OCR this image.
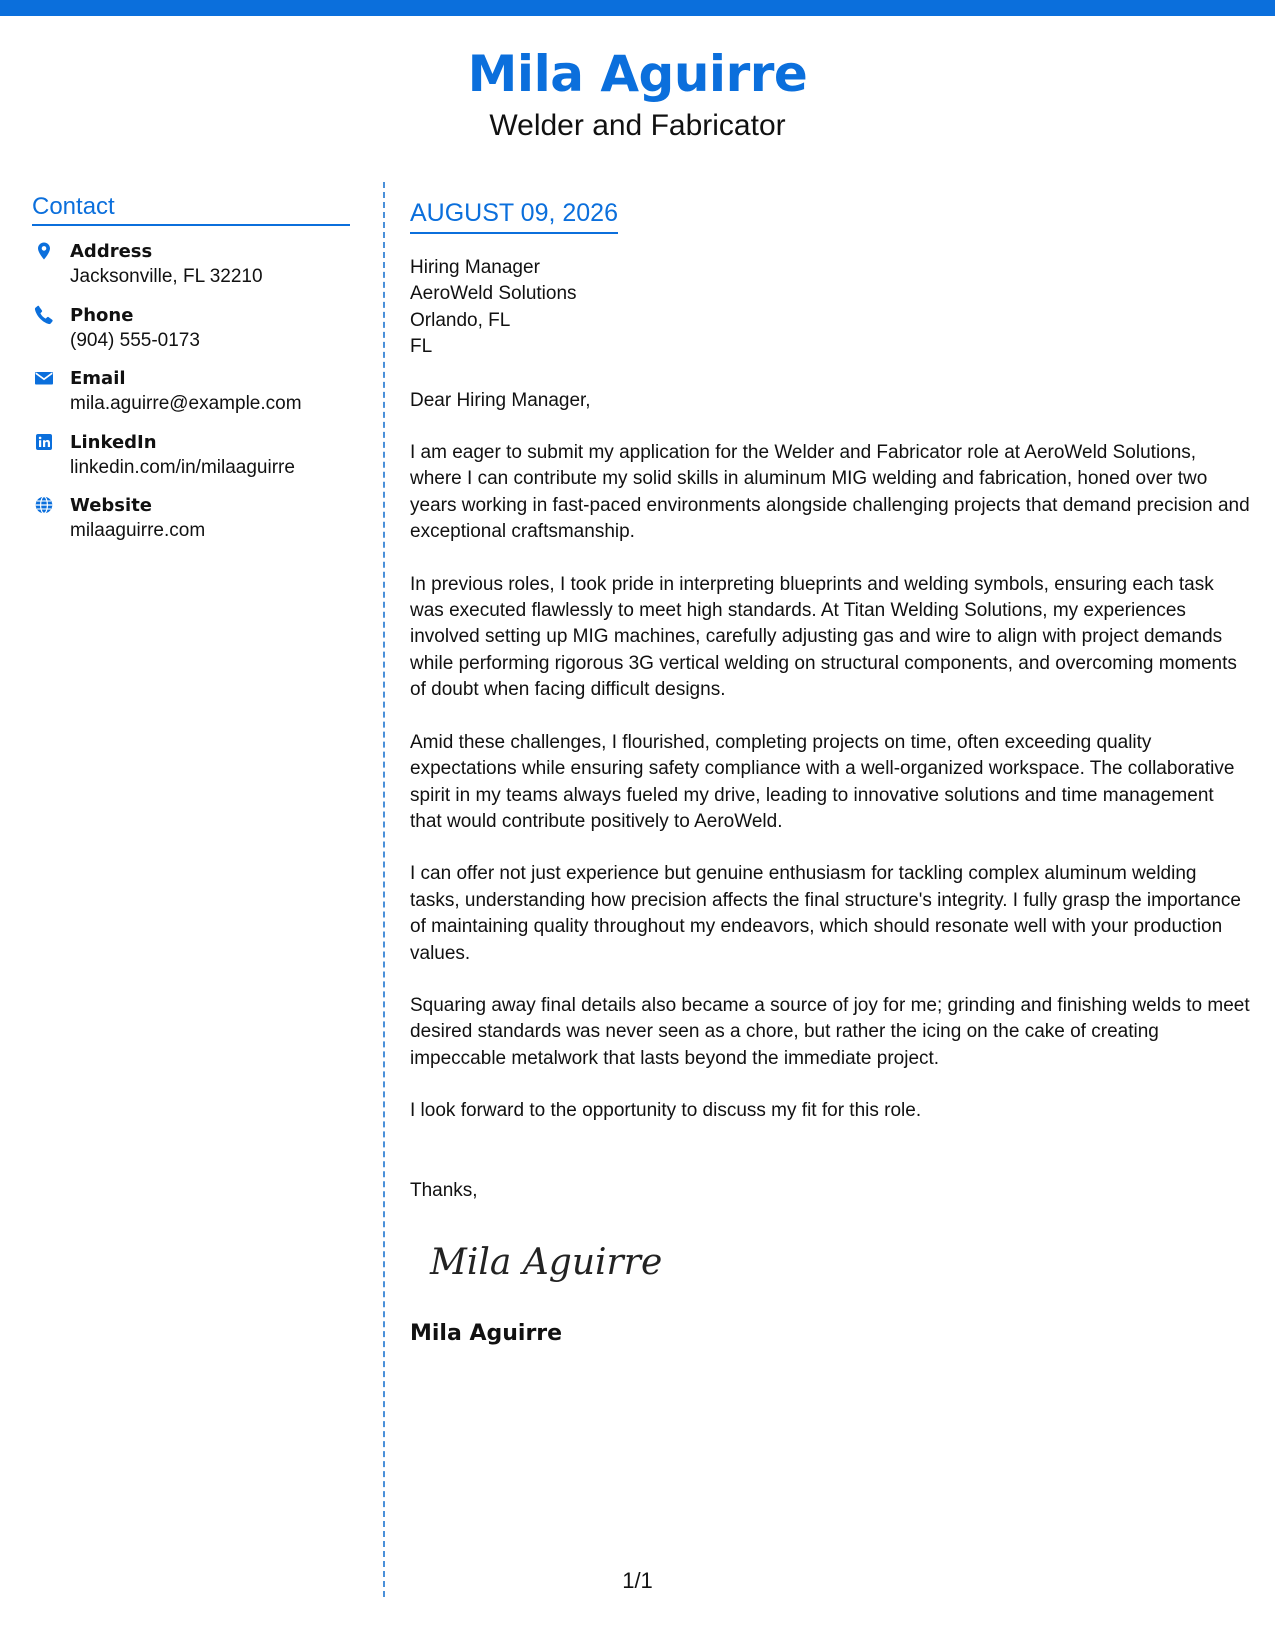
Mila Aguirre
Welder and Fabricator
Contact
Address
Jacksonville, FL 32210
Phone
(904) 555-0173
Email
mila.aguirre@example.com
LinkedIn
linkedin.com/in/milaaguirre
Website
milaaguirre.com
AUGUST 09, 2026
Hiring Manager
AeroWeld Solutions
Orlando, FL
FL
Dear Hiring Manager,

I am eager to submit my application for the Welder and Fabricator role at AeroWeld Solutions, where I can contribute my solid skills in aluminum MIG welding and fabrication, honed over two years working in fast-paced environments alongside challenging projects that demand precision and exceptional craftsmanship.

In previous roles, I took pride in interpreting blueprints and welding symbols, ensuring each task was executed flawlessly to meet high standards. At Titan Welding Solutions, my experiences involved setting up MIG machines, carefully adjusting gas and wire to align with project demands while performing rigorous 3G vertical welding on structural components, and overcoming moments of doubt when facing difficult designs.

Amid these challenges, I flourished, completing projects on time, often exceeding quality expectations while ensuring safety compliance with a well-organized workspace. The collaborative spirit in my teams always fueled my drive, leading to innovative solutions and time management that would contribute positively to AeroWeld.

I can offer not just experience but genuine enthusiasm for tackling complex aluminum welding tasks, understanding how precision affects the final structure's integrity. I fully grasp the importance of maintaining quality throughout my endeavors, which should resonate well with your production values.

Squaring away final details also became a source of joy for me; grinding and finishing welds to meet desired standards was never seen as a chore, but rather the icing on the cake of creating impeccable metalwork that lasts beyond the immediate project.

I look forward to the opportunity to discuss my fit for this role.

Thanks,
Mila Aguirre
Mila Aguirre
1/1
